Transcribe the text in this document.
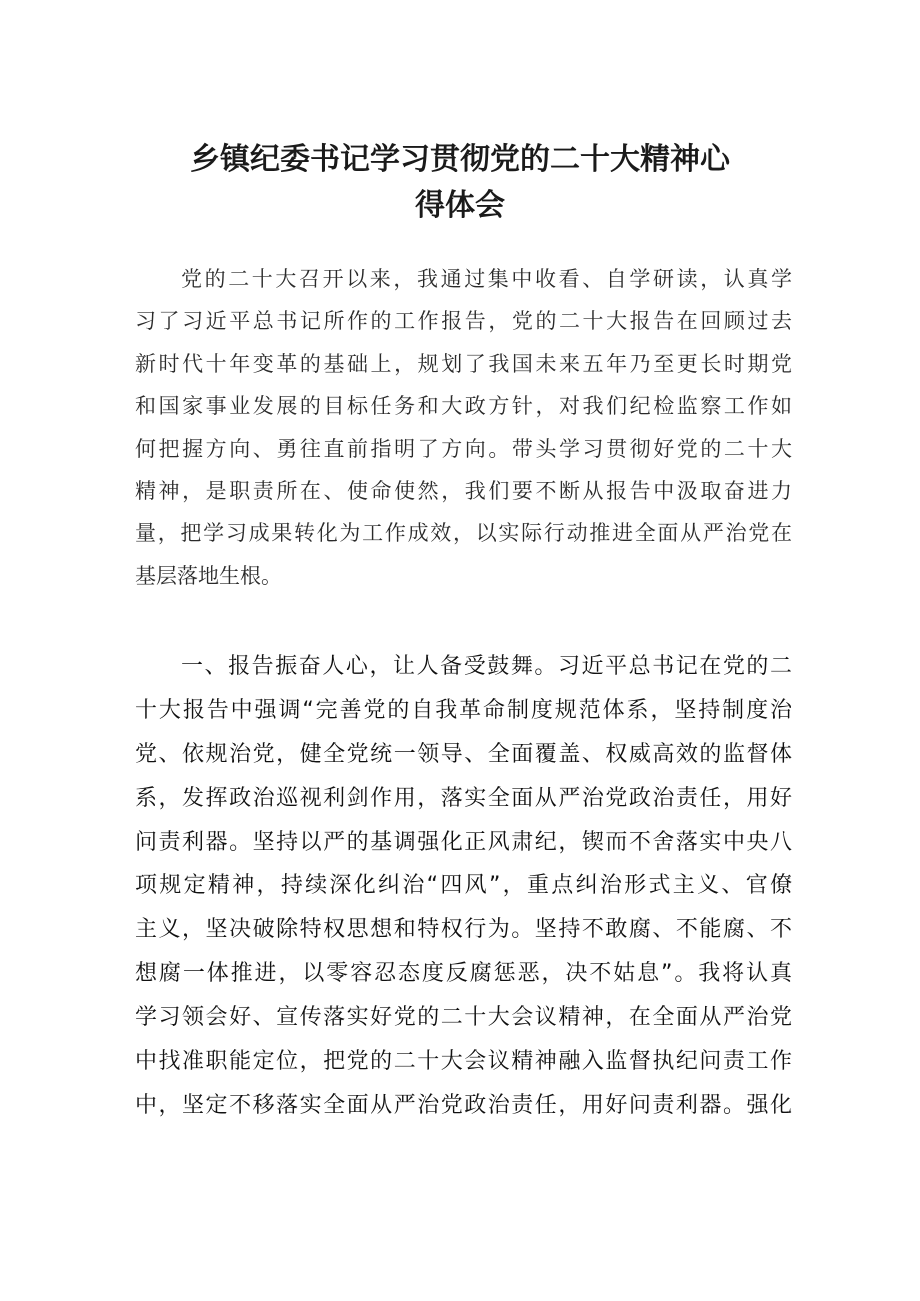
乡镇纪委书记学习贯彻党的二十大精神心
得体会
党的二十大召开以来，我通过集中收看、自学研读，认真学
习了习近平总书记所作的工作报告，党的二十大报告在回顾过去
新时代十年变革的基础上，规划了我国未来五年乃至更长时期党
和国家事业发展的目标任务和大政方针，对我们纪检监察工作如
何把握方向、勇往直前指明了方向。带头学习贯彻好党的二十大
精神，是职责所在、使命使然，我们要不断从报告中汲取奋进力
量，把学习成果转化为工作成效，以实际行动推进全面从严治党在
基层落地生根。
一、报告振奋人心，让人备受鼓舞。习近平总书记在党的二
十大报告中强调“完善党的自我革命制度规范体系，坚持制度治
党、依规治党，健全党统一领导、全面覆盖、权威高效的监督体
系，发挥政治巡视利剑作用，落实全面从严治党政治责任，用好
问责利器。坚持以严的基调强化正风肃纪，锲而不舍落实中央八
项规定精神，持续深化纠治“四风”，重点纠治形式主义、官僚
主义，坚决破除特权思想和特权行为。坚持不敢腐、不能腐、不
想腐一体推进，以零容忍态度反腐惩恶，决不姑息”。我将认真
学习领会好、宣传落实好党的二十大会议精神，在全面从严治党
中找准职能定位，把党的二十大会议精神融入监督执纪问责工作
中，坚定不移落实全面从严治党政治责任，用好问责利器。强化
